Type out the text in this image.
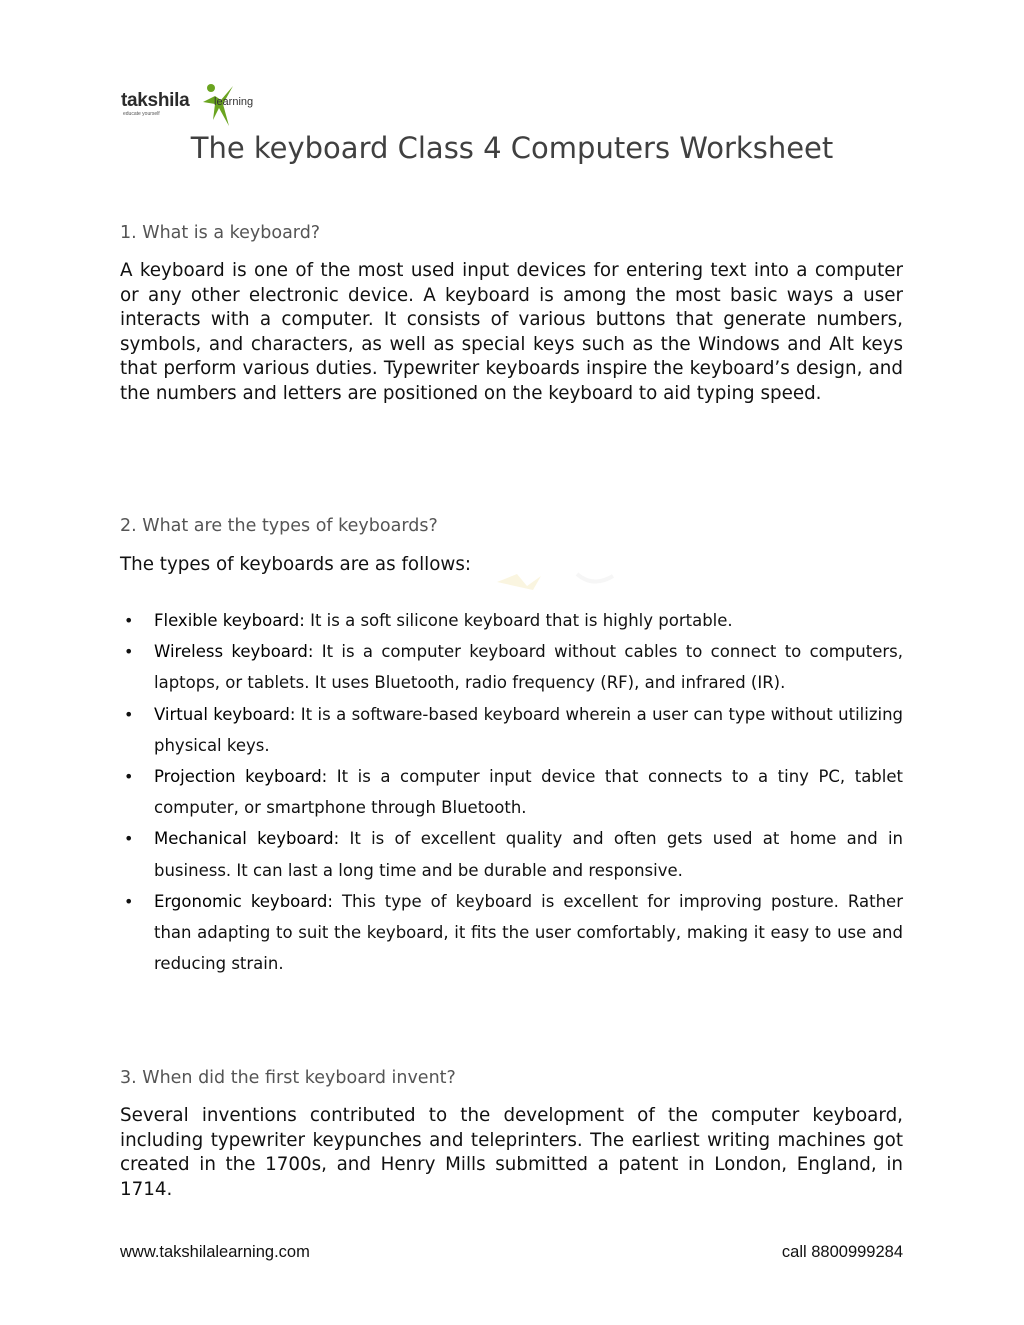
takshila learning
educate yourself
The keyboard Class 4 Computers Worksheet
1. What is a keyboard?

A keyboard is one of the most used input devices for entering text into a computer or any other electronic device. A keyboard is among the most basic ways a user interacts with a computer. It consists of various buttons that generate numbers, symbols, and characters, as well as special keys such as the Windows and Alt keys that perform various duties. Typewriter keyboards inspire the keyboard’s design, and the numbers and letters are positioned on the keyboard to aid typing speed.

2. What are the types of keyboards?
The types of keyboards are as follows:
• Flexible keyboard: It is a soft silicone keyboard that is highly portable.
• Wireless keyboard: It is a computer keyboard without cables to connect to computers, laptops, or tablets. It uses Bluetooth, radio frequency (RF), and infrared (IR).
• Virtual keyboard: It is a software-based keyboard wherein a user can type without utilizing physical keys.
• Projection keyboard: It is a computer input device that connects to a tiny PC, tablet computer, or smartphone through Bluetooth.
• Mechanical keyboard: It is of excellent quality and often gets used at home and in business. It can last a long time and be durable and responsive.
• Ergonomic keyboard: This type of keyboard is excellent for improving posture. Rather than adapting to suit the keyboard, it fits the user comfortably, making it easy to use and reducing strain.
3. When did the first keyboard invent?

Several inventions contributed to the development of the computer keyboard, including typewriter keypunches and teleprinters. The earliest writing machines got created in the 1700s, and Henry Mills submitted a patent in London, England, in 1714.

www.takshilalearning.com	call 8800999284
